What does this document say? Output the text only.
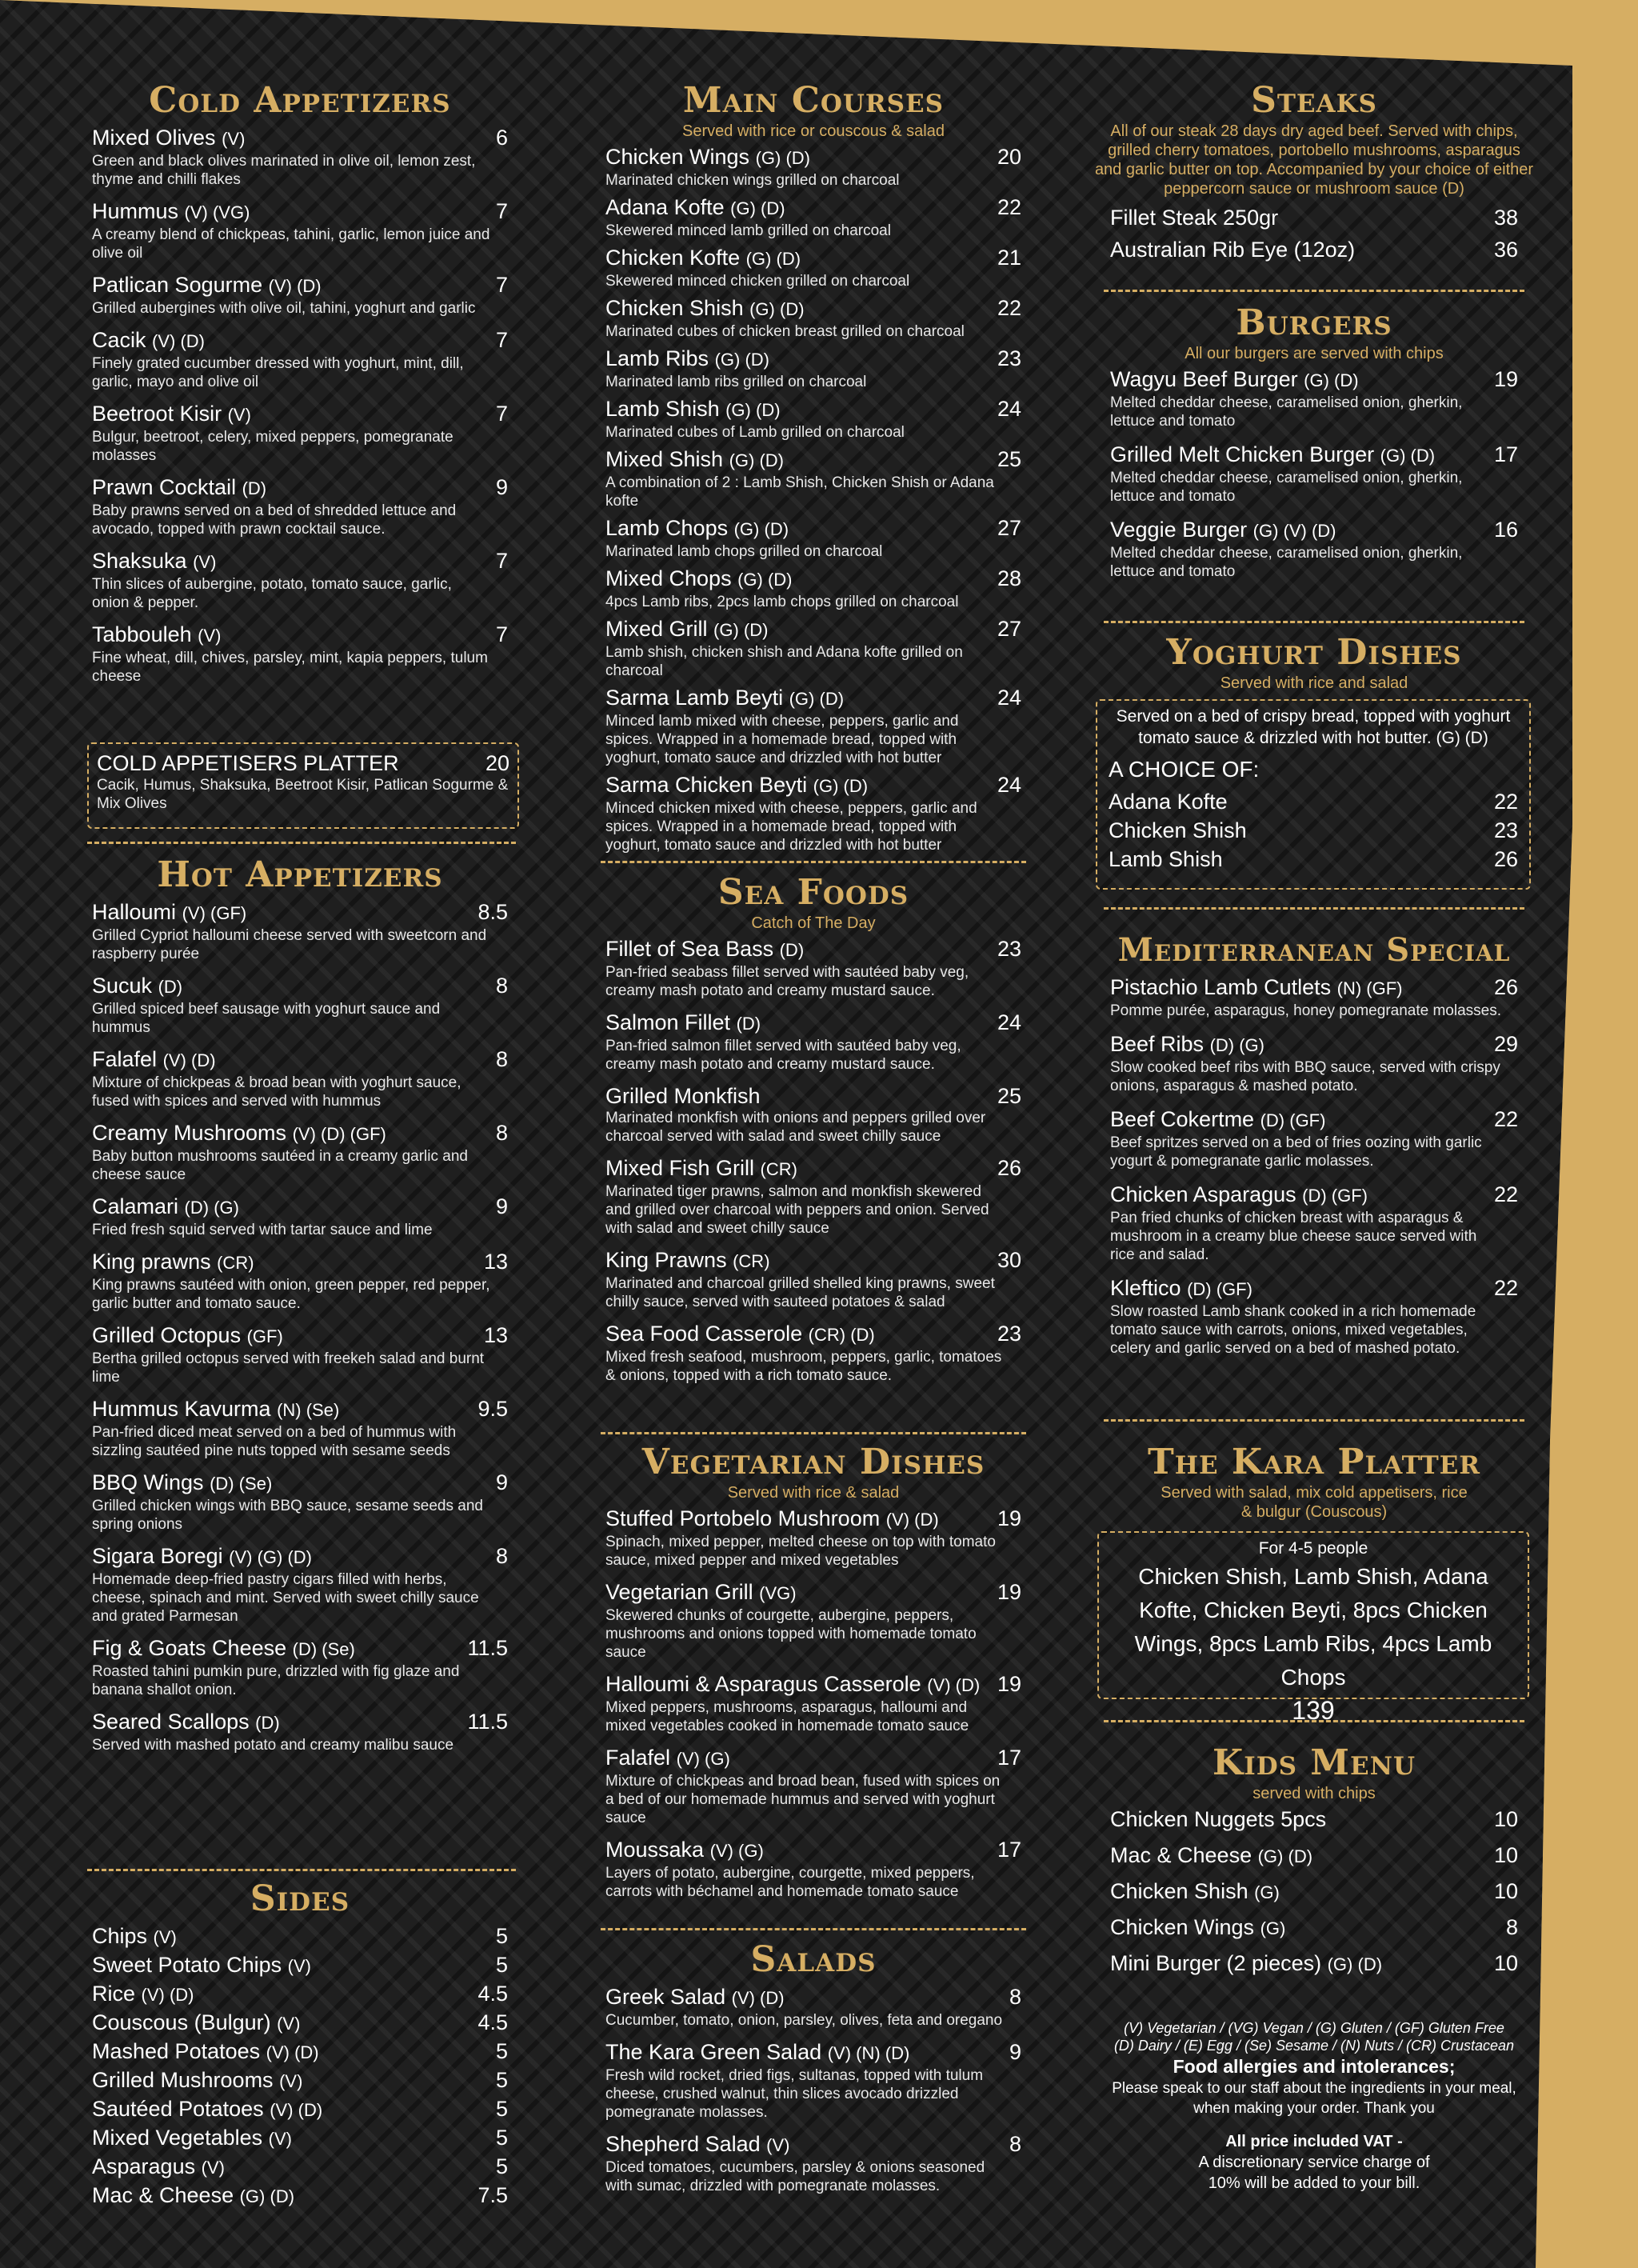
Cold Appetizers
Mixed Olives (V)	6
Green and black olives marinated in olive oil, lemon zest, thyme and chilli flakes
Hummus (V) (VG)	7
A creamy blend of chickpeas, tahini, garlic, lemon juice and olive oil
Patlican Sogurme (V) (D)	7
Grilled aubergines with olive oil, tahini, yoghurt and garlic
Cacik (V) (D)	7
Finely grated cucumber dressed with yoghurt, mint, dill, garlic, mayo and olive oil
Beetroot Kisir (V)	7
Bulgur, beetroot, celery, mixed peppers, pomegranate molasses
Prawn Cocktail (D)	9
Baby prawns served on a bed of shredded lettuce and avocado, topped with prawn cocktail sauce.
Shaksuka (V)	7
Thin slices of aubergine, potato, tomato sauce, garlic, onion & pepper.
Tabbouleh (V)	7
Fine wheat, dill, chives, parsley, mint, kapia peppers, tulum cheese
COLD APPETISERS PLATTER	20
Cacik, Humus, Shaksuka, Beetroot Kisir, Patlican Sogurme & Mix Olives
Hot Appetizers
Halloumi (V) (GF)	8.5
Grilled Cypriot halloumi cheese served with sweetcorn and raspberry purée
Sucuk (D)	8
Grilled spiced beef sausage with yoghurt sauce and hummus
Falafel (V) (D)	8
Mixture of chickpeas & broad bean with yoghurt sauce, fused with spices and served with hummus
Creamy Mushrooms (V) (D) (GF)	8
Baby button mushrooms sautéed in a creamy garlic and cheese sauce
Calamari (D) (G)	9
Fried fresh squid served with tartar sauce and lime
King prawns (CR)	13
King prawns sautéed with onion, green pepper, red pepper, garlic butter and tomato sauce.
Grilled Octopus (GF)	13
Bertha grilled octopus served with freekeh salad and burnt lime
Hummus Kavurma (N) (Se)	9.5
Pan-fried diced meat served on a bed of hummus with sizzling sautéed pine nuts topped with sesame seeds
BBQ Wings (D) (Se)	9
Grilled chicken wings with BBQ sauce, sesame seeds and spring onions
Sigara Boregi (V) (G) (D)	8
Homemade deep-fried pastry cigars filled with herbs, cheese, spinach and mint. Served with sweet chilly sauce and grated Parmesan
Fig & Goats Cheese (D) (Se)	11.5
Roasted tahini pumkin pure, drizzled with fig glaze and banana shallot onion.
Seared Scallops (D)	11.5
Served with mashed potato and creamy malibu sauce
Sides
Chips (V)	5
Sweet Potato Chips (V)	5
Rice (V) (D)	4.5
Couscous (Bulgur) (V)	4.5
Mashed Potatoes (V) (D)	5
Grilled Mushrooms (V)	5
Sautéed Potatoes (V) (D)	5
Mixed Vegetables (V)	5
Asparagus (V)	5
Mac & Cheese (G) (D)	7.5
Main Courses
Served with rice or couscous & salad
Chicken Wings (G) (D)	20
Marinated chicken wings grilled on charcoal
Adana Kofte (G) (D)	22
Skewered minced lamb grilled on charcoal
Chicken Kofte (G) (D)	21
Skewered minced chicken grilled on charcoal
Chicken Shish (G) (D)	22
Marinated cubes of chicken breast grilled on charcoal
Lamb Ribs (G) (D)	23
Marinated lamb ribs grilled on charcoal
Lamb Shish (G) (D)	24
Marinated cubes of Lamb grilled on charcoal
Mixed Shish (G) (D)	25
A combination of 2 : Lamb Shish, Chicken Shish or Adana kofte
Lamb Chops (G) (D)	27
Marinated lamb chops grilled on charcoal
Mixed Chops (G) (D)	28
4pcs Lamb ribs, 2pcs lamb chops grilled on charcoal
Mixed Grill (G) (D)	27
Lamb shish, chicken shish and Adana kofte grilled on charcoal
Sarma Lamb Beyti (G) (D)	24
Minced lamb mixed with cheese, peppers, garlic and spices. Wrapped in a homemade bread, topped with yoghurt, tomato sauce and drizzled with hot butter
Sarma Chicken Beyti (G) (D)	24
Minced chicken mixed with cheese, peppers, garlic and spices. Wrapped in a homemade bread, topped with yoghurt, tomato sauce and drizzled with hot butter
Sea Foods
Catch of The Day
Fillet of Sea Bass (D)	23
Pan-fried seabass fillet served with sautéed baby veg, creamy mash potato and creamy mustard sauce.
Salmon Fillet (D)	24
Pan-fried salmon fillet served with sautéed baby veg, creamy mash potato and creamy mustard sauce.
Grilled Monkfish	25
Marinated monkfish with onions and peppers grilled over charcoal served with salad and sweet chilly sauce
Mixed Fish Grill (CR)	26
Marinated tiger prawns, salmon and monkfish skewered and grilled over charcoal with peppers and onion. Served with salad and sweet chilly sauce
King Prawns (CR)	30
Marinated and charcoal grilled shelled king prawns, sweet chilly sauce, served with sauteed potatoes & salad
Sea Food Casserole (CR) (D)	23
Mixed fresh seafood, mushroom, peppers, garlic, tomatoes & onions, topped with a rich tomato sauce.
Vegetarian Dishes
Served with rice & salad
Stuffed Portobelo Mushroom (V) (D)	19
Spinach, mixed pepper, melted cheese on top with tomato sauce, mixed pepper and mixed vegetables
Vegetarian Grill (VG)	19
Skewered chunks of courgette, aubergine, peppers, mushrooms and onions topped with homemade tomato sauce
Halloumi & Asparagus Casserole (V) (D) 19
Mixed peppers, mushrooms, asparagus, halloumi and mixed vegetables cooked in homemade tomato sauce
Falafel (V) (G)	17
Mixture of chickpeas and broad bean, fused with spices on a bed of our homemade hummus and served with yoghurt sauce
Moussaka (V) (G)	17
Layers of potato, aubergine, courgette, mixed peppers, carrots with béchamel and homemade tomato sauce
Salads
Greek Salad (V) (D)	8
Cucumber, tomato, onion, parsley, olives, feta and oregano
The Kara Green Salad (V) (N) (D)	9
Fresh wild rocket, dried figs, sultanas, topped with tulum cheese, crushed walnut, thin slices avocado drizzled pomegranate molasses.
Shepherd Salad (V)	8
Diced tomatoes, cucumbers, parsley & onions seasoned with sumac, drizzled with pomegranate molasses.
Steaks
All of our steak 28 days dry aged beef. Served with chips, grilled cherry tomatoes, portobello mushrooms, asparagus and garlic butter on top. Accompanied by your choice of either peppercorn sauce or mushroom sauce (D)
Fillet Steak 250gr	38
Australian Rib Eye (12oz)	36
Burgers
All our burgers are served with chips
Wagyu Beef Burger (G) (D)	19
Melted cheddar cheese, caramelised onion, gherkin, lettuce and tomato
Grilled Melt Chicken Burger (G) (D)	17
Melted cheddar cheese, caramelised onion, gherkin, lettuce and tomato
Veggie Burger (G) (V) (D)	16
Melted cheddar cheese, caramelised onion, gherkin, lettuce and tomato
Yoghurt Dishes
Served with rice and salad
Served on a bed of crispy bread, topped with yoghurt tomato sauce & drizzled with hot butter. (G) (D)
A CHOICE OF:
Adana Kofte	22
Chicken Shish	23
Lamb Shish	26
Mediterranean Special
Pistachio Lamb Cutlets (N) (GF)	26
Pomme purée, asparagus, honey pomegranate molasses.
Beef Ribs (D) (G)	29
Slow cooked beef ribs with BBQ sauce, served with crispy onions, asparagus & mashed potato.
Beef Cokertme (D) (GF)	22
Beef spritzes served on a bed of fries oozing with garlic yogurt & pomegranate garlic molasses.
Chicken Asparagus (D) (GF)	22
Pan fried chunks of chicken breast with asparagus & mushroom in a creamy blue cheese sauce served with rice and salad.
Kleftico (D) (GF)	22
Slow roasted Lamb shank cooked in a rich homemade tomato sauce with carrots, onions, mixed vegetables, celery and garlic served on a bed of mashed potato.
The Kara Platter
Served with salad, mix cold appetisers, rice & bulgur (Couscous)
For 4-5 people
Chicken Shish, Lamb Shish, Adana Kofte, Chicken Beyti, 8pcs Chicken Wings, 8pcs Lamb Ribs, 4pcs Lamb Chops
139
Kids Menu
served with chips
Chicken Nuggets 5pcs	10
Mac & Cheese (G) (D)	10
Chicken Shish (G)	10
Chicken Wings (G)	8
Mini Burger (2 pieces) (G) (D)	10
(V) Vegetarian / (VG) Vegan / (G) Gluten / (GF) Gluten Free
(D) Dairy / (E) Egg / (Se) Sesame / (N) Nuts / (CR) Crustacean
Food allergies and intolerances;
Please speak to our staff about the ingredients in your meal, when making your order. Thank you
All price included VAT -
A discretionary service charge of 10% will be added to your bill.
